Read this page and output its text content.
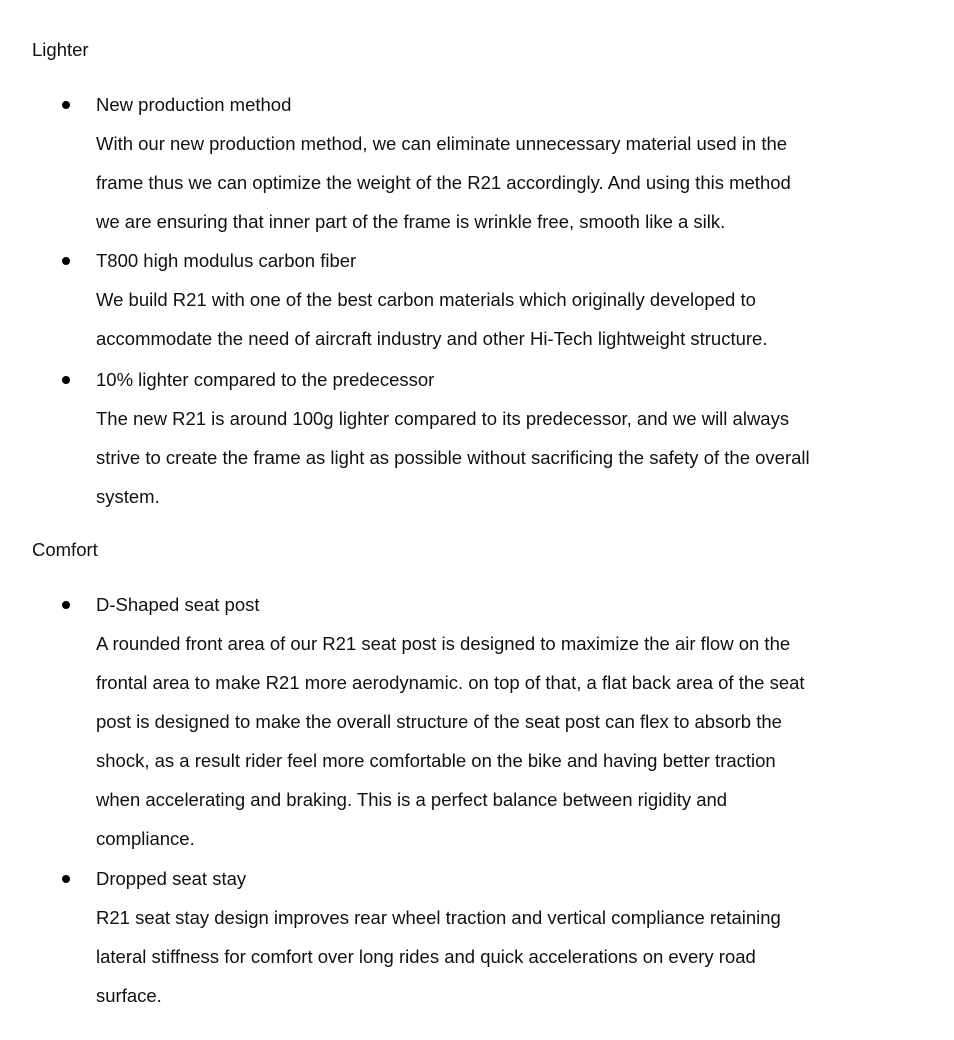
Lighter
New production method
With our new production method, we can eliminate unnecessary material used in the
frame thus we can optimize the weight of the R21 accordingly. And using this method
we are ensuring that inner part of the frame is wrinkle free, smooth like a silk.
T800 high modulus carbon fiber
We build R21 with one of the best carbon materials which originally developed to
accommodate the need of aircraft industry and other Hi-Tech lightweight structure.
10% lighter compared to the predecessor
The new R21 is around 100g lighter compared to its predecessor, and we will always
strive to create the frame as light as possible without sacrificing the safety of the overall
system.
Comfort
D-Shaped seat post
A rounded front area of our R21 seat post is designed to maximize the air flow on the
frontal area to make R21 more aerodynamic. on top of that, a flat back area of the seat
post is designed to make the overall structure of the seat post can flex to absorb the
shock, as a result rider feel more comfortable on the bike and having better traction
when accelerating and braking. This is a perfect balance between rigidity and
compliance.
Dropped seat stay
R21 seat stay design improves rear wheel traction and vertical compliance retaining
lateral stiffness for comfort over long rides and quick accelerations on every road
surface.
